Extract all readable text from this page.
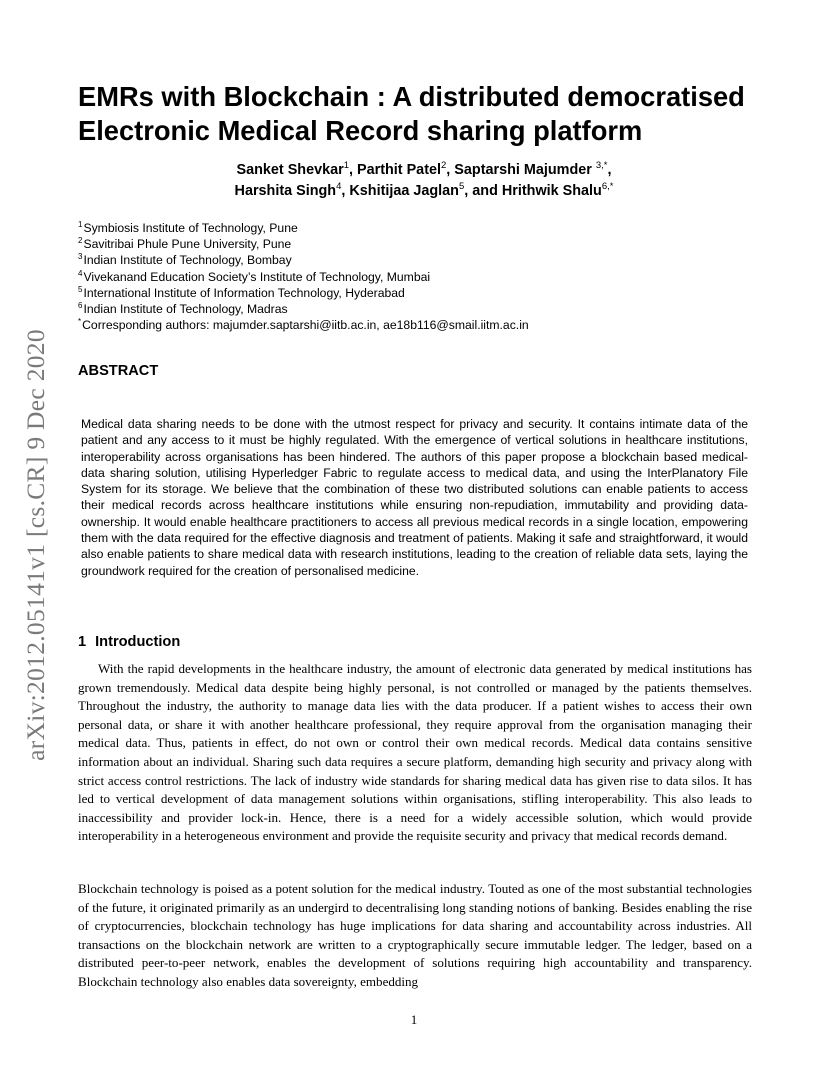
arXiv:2012.05141v1 [cs.CR] 9 Dec 2020
EMRs with Blockchain : A distributed democratised Electronic Medical Record sharing platform
Sanket Shevkar$^1$, Parthit Patel$^2$, Saptarshi Majumder $^{3,*}$,
Harshita Singh$^4$, Kshitijaa Jaglan$^5$, and Hrithwik Shalu$^{6,*}$
$^1$Symbiosis Institute of Technology, Pune
$^2$Savitribai Phule Pune University, Pune
$^3$Indian Institute of Technology, Bombay
$^4$Vivekanand Education Society’s Institute of Technology, Mumbai
$^5$International Institute of Information Technology, Hyderabad
$^6$Indian Institute of Technology, Madras
*Corresponding authors: majumder.saptarshi@iitb.ac.in, ae18b116@smail.iitm.ac.in
ABSTRACT

Medical data sharing needs to be done with the utmost respect for privacy and security. It contains intimate data of the patient and any access to it must be highly regulated. With the emergence of vertical solutions in healthcare institutions, interoperability across organisations has been hindered. The authors of this paper propose a blockchain based medical-data sharing solution, utilising Hyperledger Fabric to regulate access to medical data, and using the InterPlanatory File System for its storage. We believe that the combination of these two distributed solutions can enable patients to access their medical records across healthcare institutions while ensuring non-repudiation, immutability and providing data-ownership. It would enable healthcare practitioners to access all previous medical records in a single location, empowering them with the data required for the effective diagnosis and treatment of patients. Making it safe and straightforward, it would also enable patients to share medical data with research institutions, leading to the creation of reliable data sets, laying the groundwork required for the creation of personalised medicine.

1 Introduction

With the rapid developments in the healthcare industry, the amount of electronic data generated by medical institutions has grown tremendously. Medical data despite being highly personal, is not controlled or managed by the patients themselves. Throughout the industry, the authority to manage data lies with the data producer. If a patient wishes to access their own personal data, or share it with another healthcare professional, they require approval from the organisation managing their medical data. Thus, patients in effect, do not own or control their own medical records. Medical data contains sensitive information about an individual. Sharing such data requires a secure platform, demanding high security and privacy along with strict access control restrictions. The lack of industry wide standards for sharing medical data has given rise to data silos. It has led to vertical development of data management solutions within organisations, stifling interoperability. This also leads to inaccessibility and provider lock-in. Hence, there is a need for a widely accessible solution, which would provide interoperability in a heterogeneous environment and provide the requisite security and privacy that medical records demand.

Blockchain technology is poised as a potent solution for the medical industry. Touted as one of the most substantial technologies of the future, it originated primarily as an undergird to decentralising long standing notions of banking. Besides enabling the rise of cryptocurrencies, blockchain technology has huge implications for data sharing and accountability across industries. All transactions on the blockchain network are written to a cryptographically secure immutable ledger. The ledger, based on a distributed peer-to-peer network, enables the development of solutions requiring high accountability and transparency. Blockchain technology also enables data sovereignty, embedding

1
